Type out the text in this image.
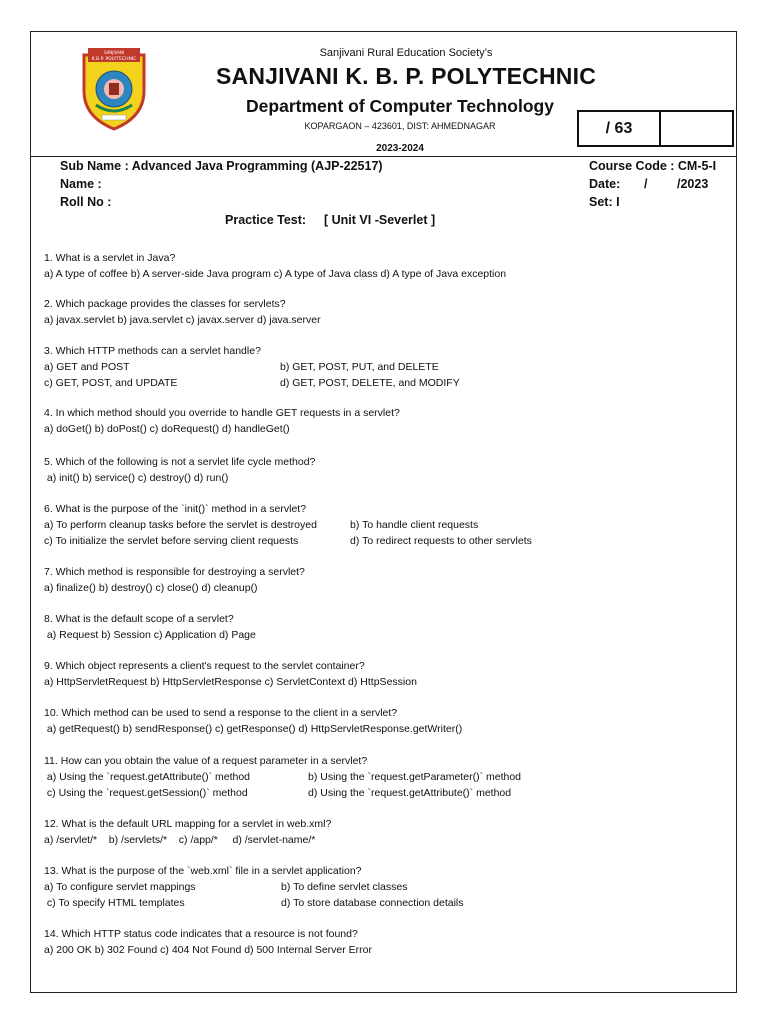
SANJIVANI
K.B.P. POLYTECHNIC
Sanjivani Rural Education Society’s
SANJIVANI K. B. P. POLYTECHNIC
Department of Computer Technology
KOPARGAON – 423601, DIST: AHMEDNAGAR
2023-2024
/ 63
Sub Name : Advanced Java Programming (AJP-22517)
Name :
Roll No :
Course Code : CM-5-I
Date: / /2023
Set: I
Practice Test: [ Unit VI -Severlet ]
1. What is a servlet in Java?
a) A type of coffee b) A server-side Java program c) A type of Java class d) A type of Java exception
2. Which package provides the classes for servlets?
a) javax.servlet b) java.servlet c) javax.server d) java.server
3. Which HTTP methods can a servlet handle?
a) GET and POST	b) GET, POST, PUT, and DELETE
c) GET, POST, and UPDATE	d) GET, POST, DELETE, and MODIFY
4. In which method should you override to handle GET requests in a servlet?
a) doGet() b) doPost() c) doRequest() d) handleGet()
5. Which of the following is not a servlet life cycle method?
a) init() b) service() c) destroy() d) run()
6. What is the purpose of the `init()` method in a servlet?
a) To perform cleanup tasks before the servlet is destroyed	b) To handle client requests
c) To initialize the servlet before serving client requests	d) To redirect requests to other servlets
7. Which method is responsible for destroying a servlet?
a) finalize() b) destroy() c) close() d) cleanup()
8. What is the default scope of a servlet?
a) Request b) Session c) Application d) Page
9. Which object represents a client's request to the servlet container?
a) HttpServletRequest b) HttpServletResponse c) ServletContext d) HttpSession
10. Which method can be used to send a response to the client in a servlet?
a) getRequest() b) sendResponse() c) getResponse() d) HttpServletResponse.getWriter()
11. How can you obtain the value of a request parameter in a servlet?
a) Using the `request.getAttribute()` method	b) Using the `request.getParameter()` method
c) Using the `request.getSession()` method	d) Using the `request.getAttribute()` method
12. What is the default URL mapping for a servlet in web.xml?
a) /servlet/*    b) /servlets/*    c) /app/*     d) /servlet-name/*
13. What is the purpose of the `web.xml` file in a servlet application?
a) To configure servlet mappings	b) To define servlet classes
c) To specify HTML templates	d) To store database connection details
14. Which HTTP status code indicates that a resource is not found?
a) 200 OK b) 302 Found c) 404 Not Found d) 500 Internal Server Error
